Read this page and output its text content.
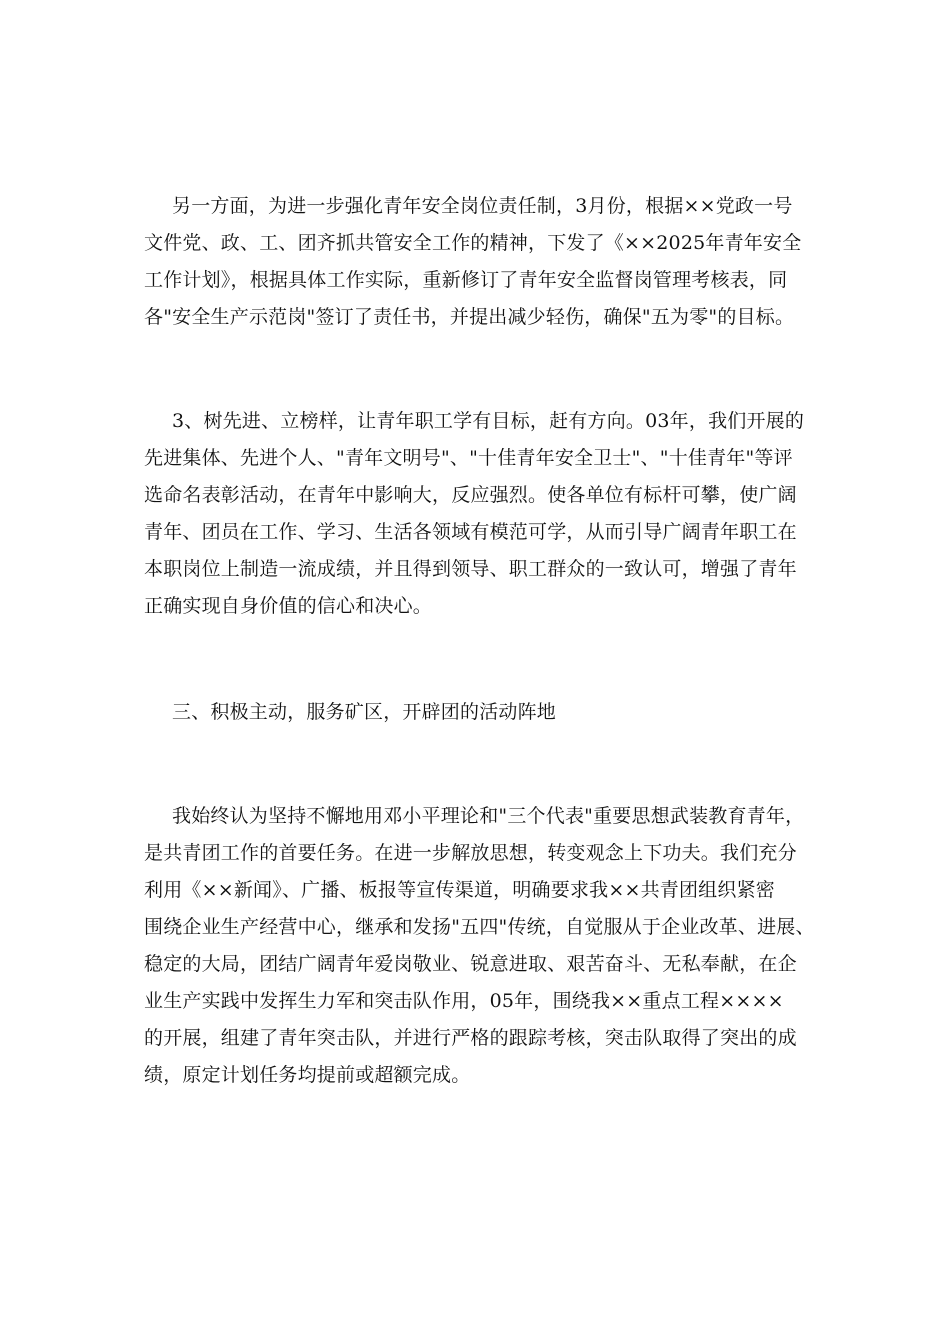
另一方面，为进一步强化青年安全岗位责任制，3月份，根据××党政一号

文件党、政、工、团齐抓共管安全工作的精神，下发了《××2025年青年安全

工作计划》，根据具体工作实际，重新修订了青年安全监督岗管理考核表，同

各"安全生产示范岗"签订了责任书，并提出减少轻伤，确保"五为零"的目标。

3、树先进、立榜样，让青年职工学有目标，赶有方向。03年，我们开展的

先进集体、先进个人、"青年文明号"、"十佳青年安全卫士"、"十佳青年"等评

选命名表彰活动，在青年中影响大，反应强烈。使各单位有标杆可攀，使广阔

青年、团员在工作、学习、生活各领域有模范可学，从而引导广阔青年职工在

本职岗位上制造一流成绩，并且得到领导、职工群众的一致认可，增强了青年

正确实现自身价值的信心和决心。

三、积极主动，服务矿区，开辟团的活动阵地

我始终认为坚持不懈地用邓小平理论和"三个代表"重要思想武装教育青年，

是共青团工作的首要任务。在进一步解放思想，转变观念上下功夫。我们充分

利用《××新闻》、广播、板报等宣传渠道，明确要求我××共青团组织紧密

围绕企业生产经营中心，继承和发扬"五四"传统，自觉服从于企业改革、进展、

稳定的大局，团结广阔青年爱岗敬业、锐意进取、艰苦奋斗、无私奉献，在企

业生产实践中发挥生力军和突击队作用，05年，围绕我××重点工程××××

的开展，组建了青年突击队，并进行严格的跟踪考核，突击队取得了突出的成

绩，原定计划任务均提前或超额完成。
